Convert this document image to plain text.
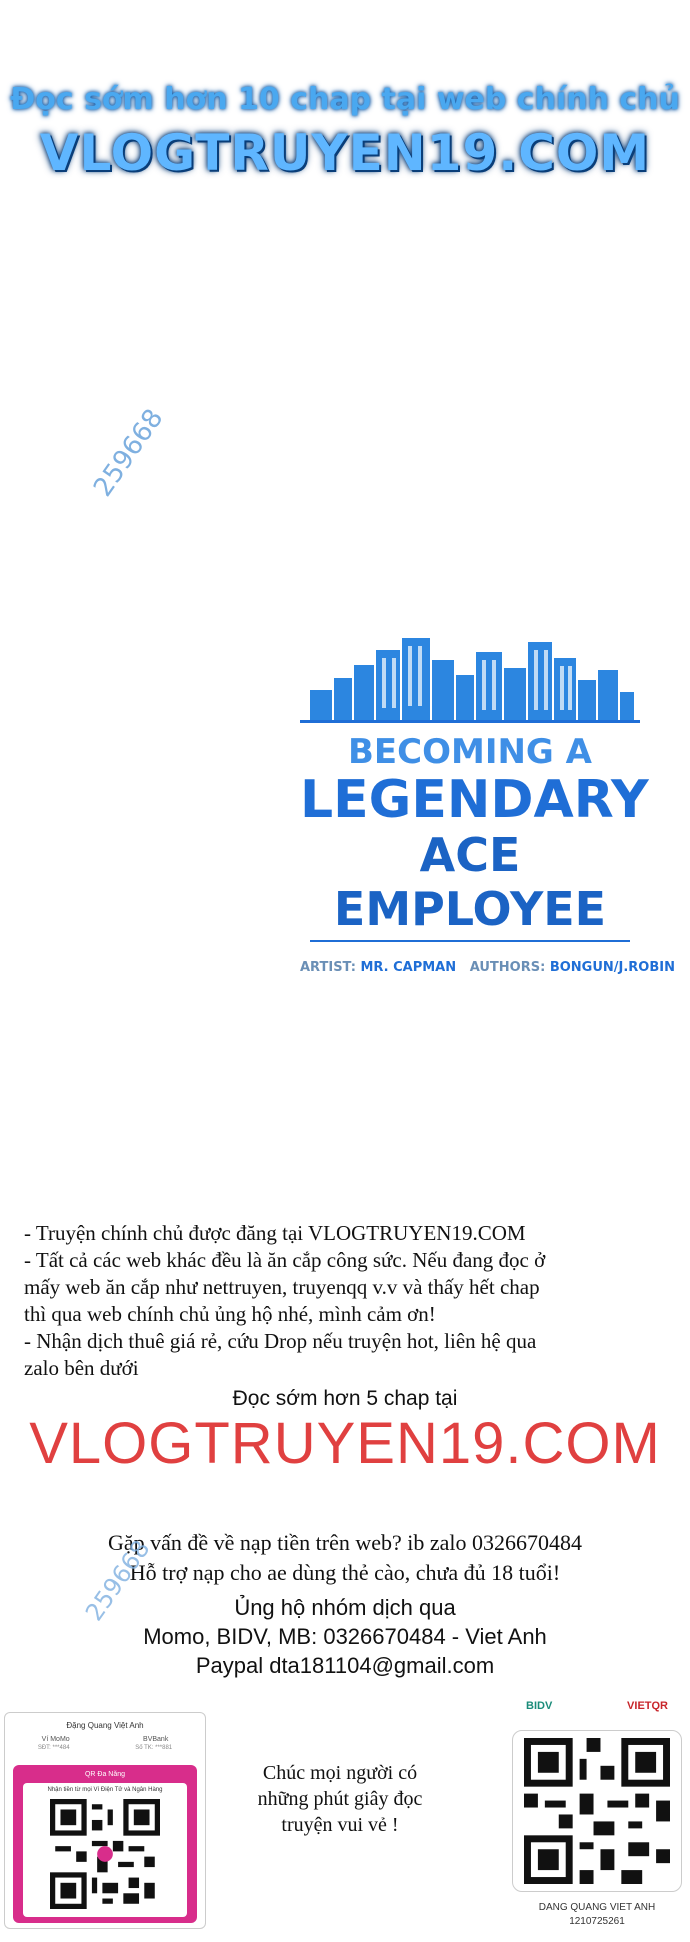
Đọc sớm hơn 10 chap tại web chính chủ
VLOGTRUYEN19.COM
259668
BECOMING A
LEGENDARY
ACE EMPLOYEE
ARTIST: MR. CAPMAN AUTHORS: BONGUN/J.ROBIN
- Truyện chính chủ được đăng tại VLOGTRUYEN19.COM
- Tất cả các web khác đều là ăn cắp công sức. Nếu đang đọc ở
mấy web ăn cắp như nettruyen, truyenqq v.v và thấy hết chap
thì qua web chính chủ ủng hộ nhé, mình cảm ơn!
- Nhận dịch thuê giá rẻ, cứu Drop nếu truyện hot, liên hệ qua
zalo bên dưới
Đọc sớm hơn 5 chap tại
VLOGTRUYEN19.COM
Gặp vấn đề về nạp tiền trên web? ib zalo 0326670484
Hỗ trợ nạp cho ae dùng thẻ cào, chưa đủ 18 tuổi!
Ủng hộ nhóm dịch qua
Momo, BIDV, MB: 0326670484 - Viet Anh
Paypal dta181104@gmail.com
259668
Đặng Quang Việt Anh
Ví MoMo	BVBank
SĐT: ***484	Số TK: ***881
QR Đa Năng
Nhận tiền từ mọi Ví Điện Tử và Ngân Hàng
Chúc mọi người có
những phút giây đọc
truyện vui vẻ !
BIDV	VIETQR
DANG QUANG VIET ANH
1210725261
